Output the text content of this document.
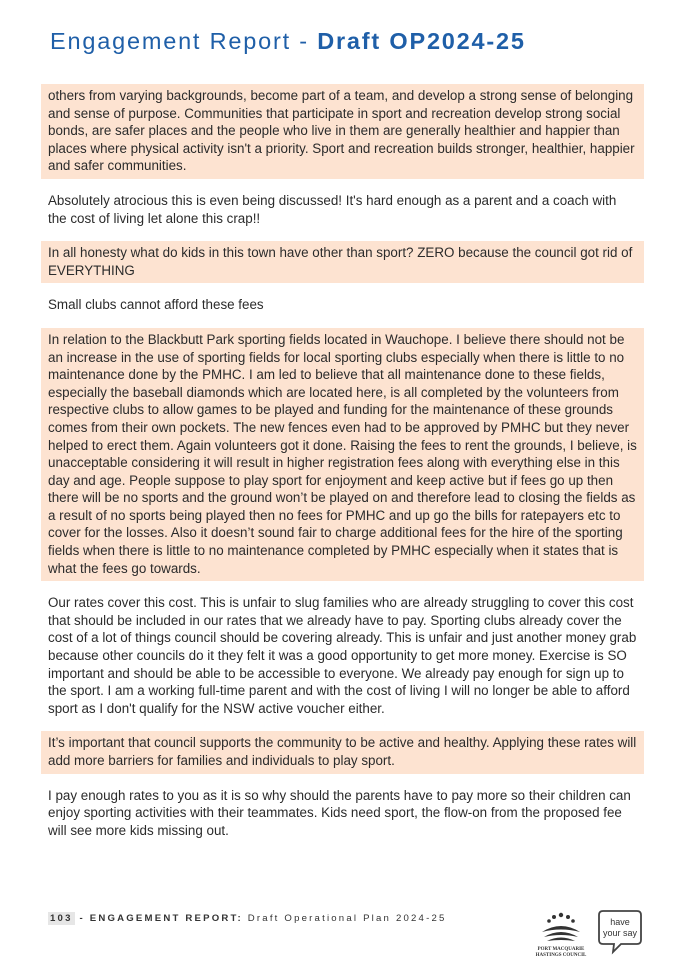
Engagement Report - Draft OP2024-25
others from varying backgrounds, become part of a team, and develop a strong sense of belonging and sense of purpose. Communities that participate in sport and recreation develop strong social bonds, are safer places and the people who live in them are generally healthier and happier than places where physical activity isn't a priority. Sport and recreation builds stronger, healthier, happier and safer communities.
Absolutely atrocious this is even being discussed! It's hard enough as a parent and a coach with the cost of living let alone this crap!!
In all honesty what do kids in this town have other than sport? ZERO because the council got rid of EVERYTHING
Small clubs cannot afford these fees
In relation to the Blackbutt Park sporting fields located in Wauchope. I believe there should not be an increase in the use of sporting fields for local sporting clubs especially when there is little to no maintenance done by the PMHC. I am led to believe that all maintenance done to these fields, especially the baseball diamonds which are located here, is all completed by the volunteers from respective clubs to allow games to be played and funding for the maintenance of these grounds comes from their own pockets. The new fences even had to be approved by PMHC but they never helped to erect them. Again volunteers got it done. Raising the fees to rent the grounds, I believe, is unacceptable considering it will result in higher registration fees along with everything else in this day and age. People suppose to play sport for enjoyment and keep active but if fees go up then there will be no sports and the ground won’t be played on and therefore lead to closing the fields as a result of no sports being played then no fees for PMHC and up go the bills for ratepayers etc to cover for the losses. Also it doesn’t sound fair to charge additional fees for the hire of the sporting fields when there is little to no maintenance completed by PMHC especially when it states that is what the fees go towards.
Our rates cover this cost. This is unfair to slug families who are already struggling to cover this cost that should be included in our rates that we already have to pay. Sporting clubs already cover the cost of a lot of things council should be covering already. This is unfair and just another money grab because other councils do it they felt it was a good opportunity to get more money. Exercise is SO important and should be able to be accessible to everyone. We already pay enough for sign up to the sport. I am a working full-time parent and with the cost of living I will no longer be able to afford sport as I don't qualify for the NSW active voucher either.
It’s important that council supports the community to be active and healthy. Applying these rates will add more barriers for families and individuals to play sport.
I pay enough rates to you as it is so why should the parents have to pay more so their children can enjoy sporting activities with their teammates. Kids need sport, the flow-on from the proposed fee will see more kids missing out.
103 - ENGAGEMENT REPORT: Draft Operational Plan 2024-25
PORT MACQUARIE
HASTINGS COUNCIL
have
your say
